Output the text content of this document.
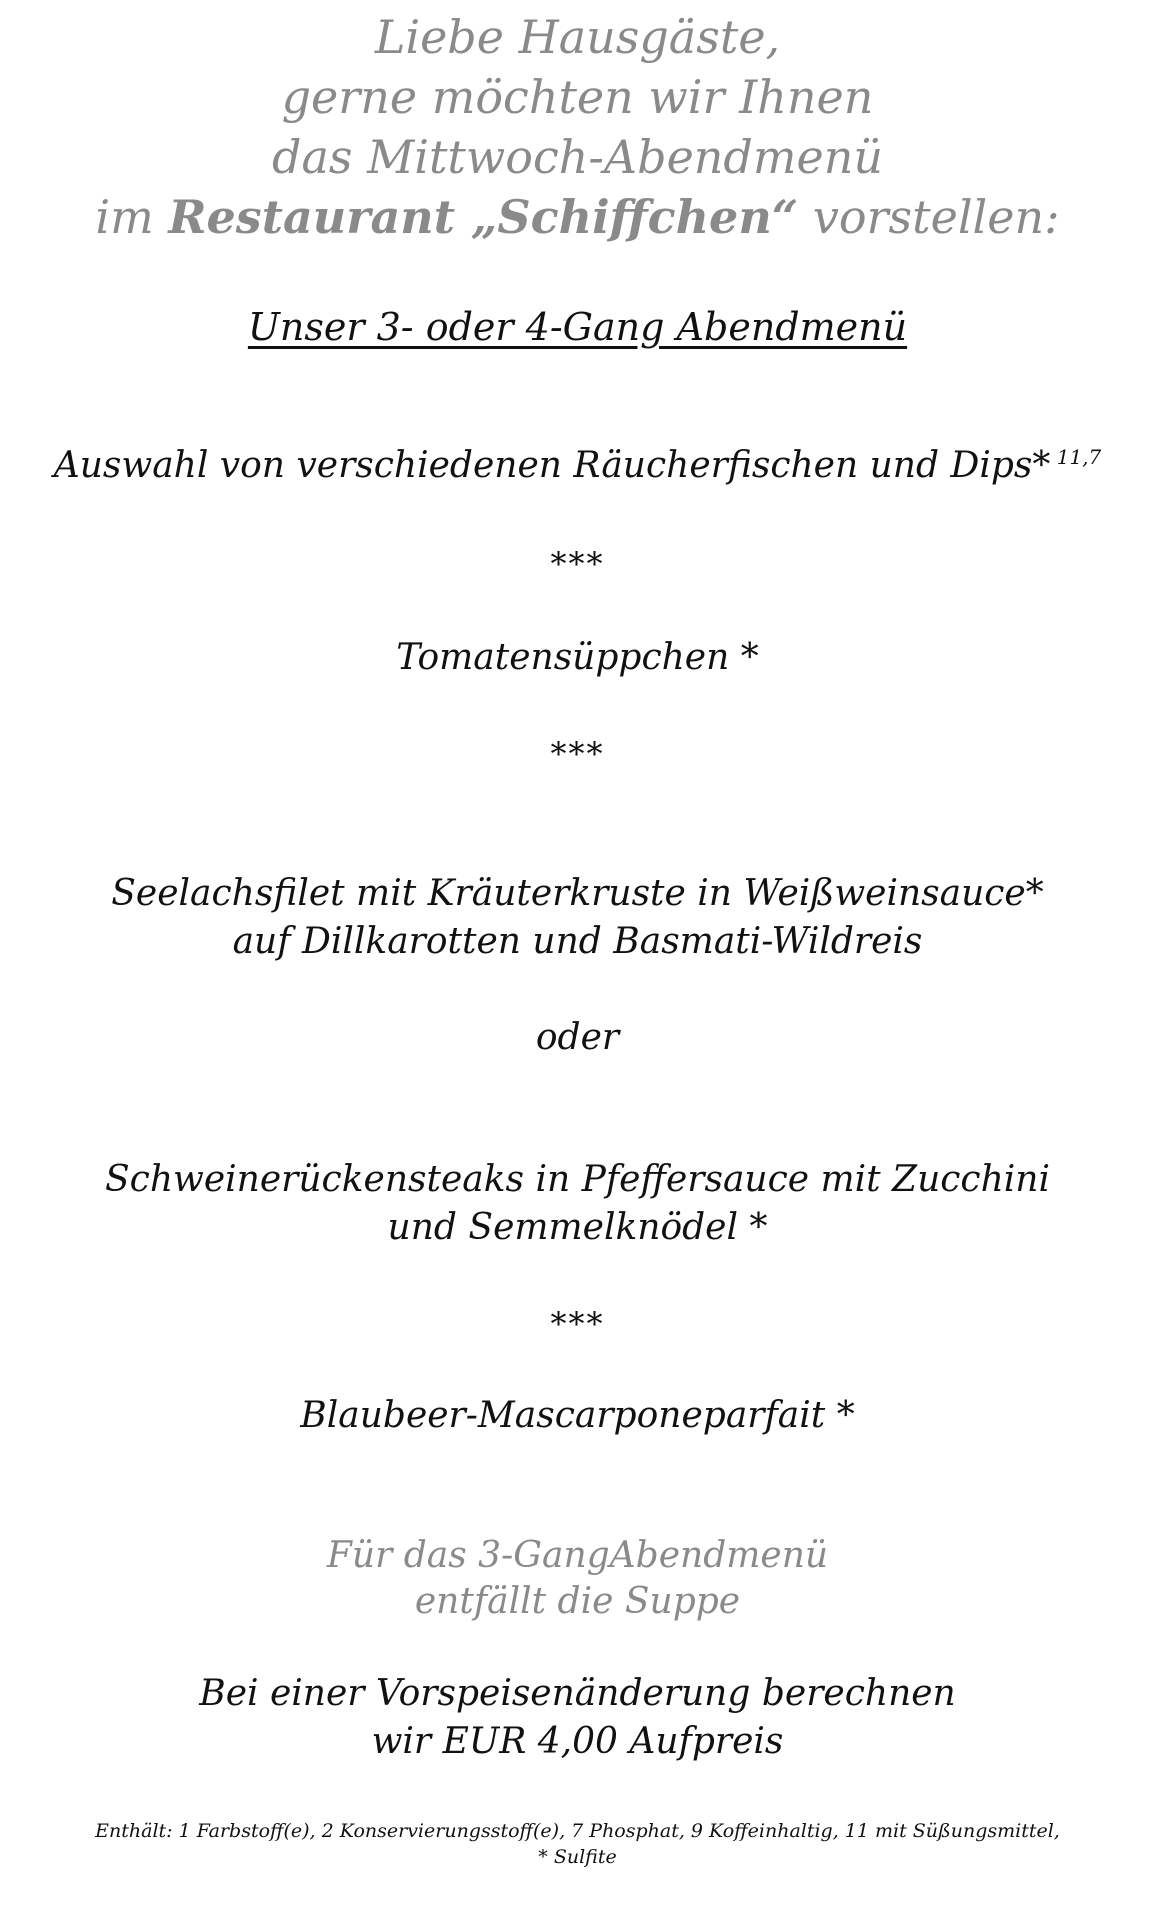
Liebe Hausgäste,
gerne möchten wir Ihnen
das Mittwoch-Abendmenü
im Restaurant „Schiffchen“ vorstellen:
Unser 3- oder 4-Gang Abendmenü
Auswahl von verschiedenen Räucherfischen und Dips* $^{11,7}$
***
Tomatensüppchen *
***
Seelachsfilet mit Kräuterkruste in Weißweinsauce*
auf Dillkarotten und Basmati-Wildreis
oder
Schweinerückensteaks in Pfeffersauce mit Zucchini
und Semmelknödel *
***
Blaubeer-Mascarponeparfait *
Für das 3-GangAbendmenü
entfällt die Suppe
Bei einer Vorspeisenänderung berechnen
wir EUR 4,00 Aufpreis
Enthält: 1 Farbstoff(e), 2 Konservierungsstoff(e), 7 Phosphat, 9 Koffeinhaltig, 11 mit Süßungsmittel,
* Sulfite
